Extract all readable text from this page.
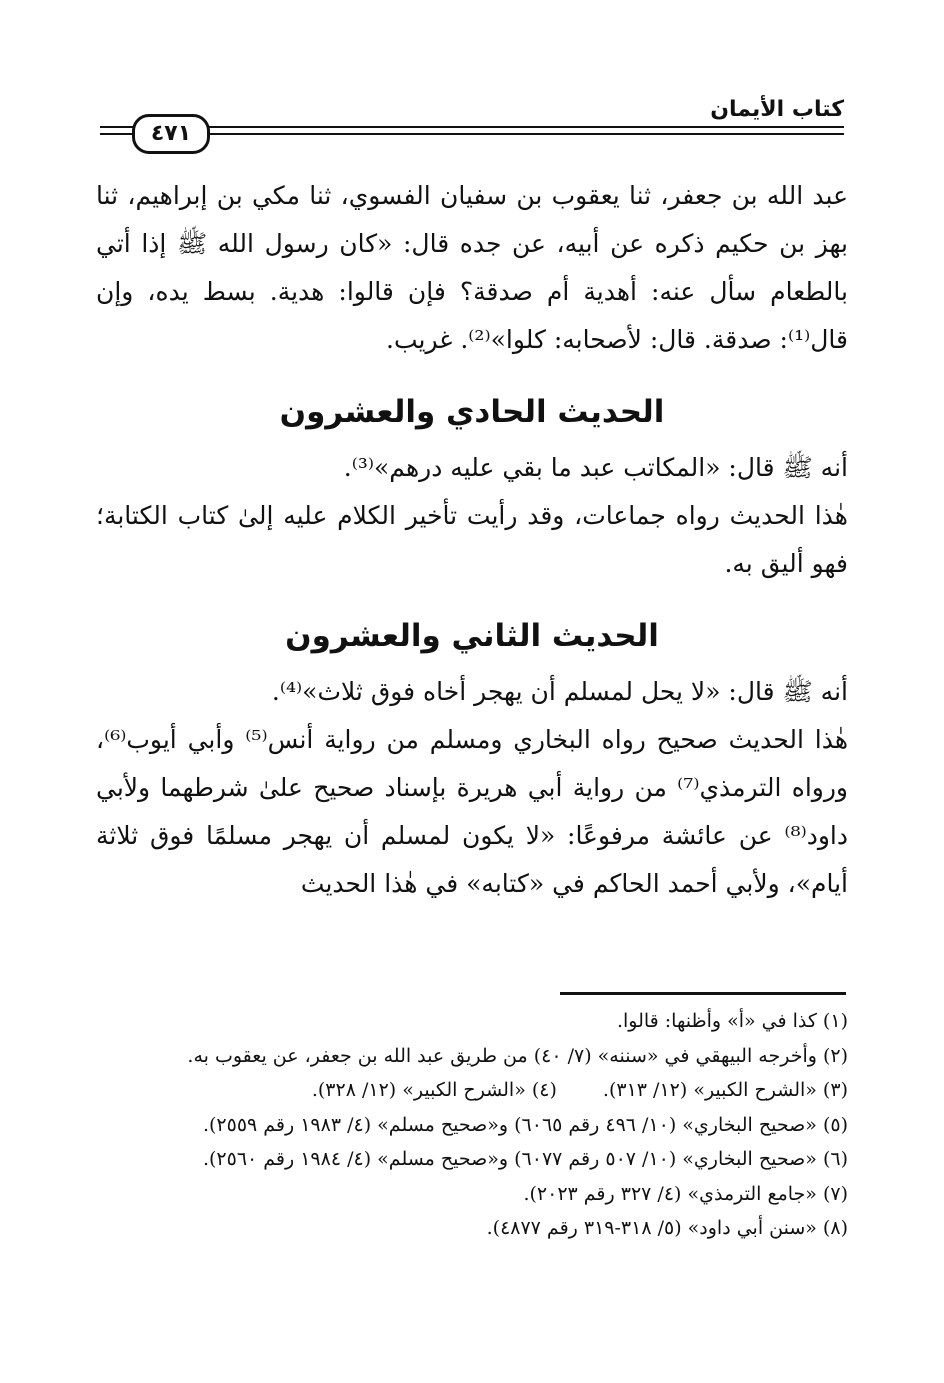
كتاب الأيمان
٤٧١

عبد الله بن جعفر، ثنا يعقوب بن سفيان الفسوي، ثنا مكي بن إبراهيم، ثنا بهز بن حكيم ذكره عن أبيه، عن جده قال: «كان رسول الله ﷺ إذا أتي بالطعام سأل عنه: أهدية أم صدقة؟ فإن قالوا: هدية. بسط يده، وإن قال⁽¹⁾: صدقة. قال: لأصحابه: كلوا»⁽²⁾. غريب.

الحديث الحادي والعشرون

أنه ﷺ قال: «المكاتب عبد ما بقي عليه درهم»⁽³⁾.

هٰذا الحديث رواه جماعات، وقد رأيت تأخير الكلام عليه إلىٰ كتاب الكتابة؛ فهو أليق به.

الحديث الثاني والعشرون

أنه ﷺ قال: «لا يحل لمسلم أن يهجر أخاه فوق ثلاث»⁽⁴⁾.

هٰذا الحديث صحيح رواه البخاري ومسلم من رواية أنس⁽⁵⁾ وأبي أيوب⁽⁶⁾، ورواه الترمذي⁽⁷⁾ من رواية أبي هريرة بإسناد صحيح علىٰ شرطهما ولأبي داود⁽⁸⁾ عن عائشة مرفوعًا: «لا يكون لمسلم أن يهجر مسلمًا فوق ثلاثة أيام»، ولأبي أحمد الحاكم في «كتابه» في هٰذا الحديث

(١) كذا في «أ» وأظنها: قالوا.

(٢) وأخرجه البيهقي في «سننه» (٧/ ٤٠) من طريق عبد الله بن جعفر، عن يعقوب به.

(٣) «الشرح الكبير» (١٢/ ٣١٣).

(٤) «الشرح الكبير» (١٢/ ٣٢٨).

(٥) «صحيح البخاري» (١٠/ ٤٩٦ رقم ٦٠٦٥) و«صحيح مسلم» (٤/ ١٩٨٣ رقم ٢٥٥٩).

(٦) «صحيح البخاري» (١٠/ ٥٠٧ رقم ٦٠٧٧) و«صحيح مسلم» (٤/ ١٩٨٤ رقم ٢٥٦٠).

(٧) «جامع الترمذي» (٤/ ٣٢٧ رقم ٢٠٢٣).

(٨) «سنن أبي داود» (٥/ ٣١٨-٣١٩ رقم ٤٨٧٧).
